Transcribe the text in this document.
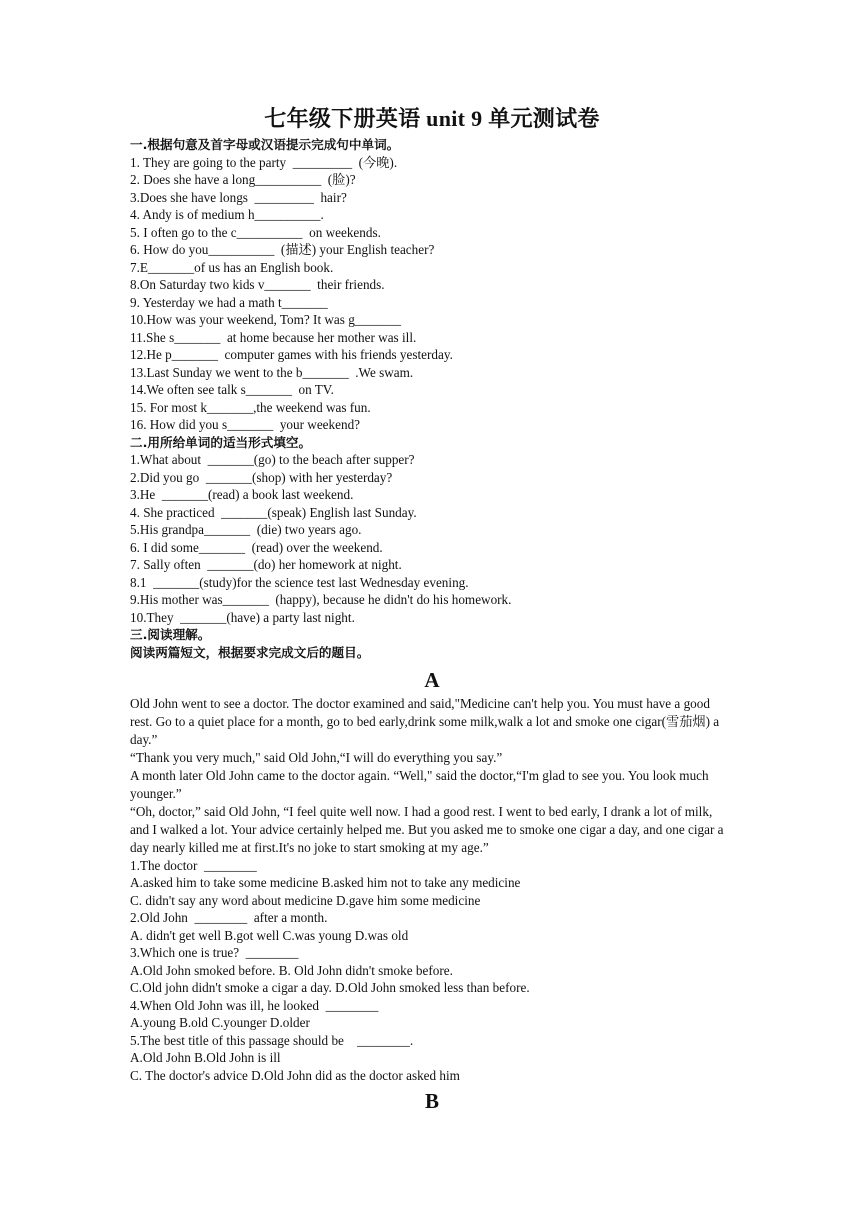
七年级下册英语 unit 9 单元测试卷
一.根据句意及首字母或汉语提示完成句中单词。
1. They are going to the party  _________  (今晚).
2. Does she have a long__________  (脸)?
3.Does she have longs  _________  hair?
4. Andy is of medium h__________.
5. I often go to the c__________  on weekends.
6. How do you__________  (描述) your English teacher?
7.E_______of us has an English book.
8.On Saturday two kids v_______  their friends.
9. Yesterday we had a math t_______
10.How was your weekend, Tom? It was g_______
11.She s_______  at home because her mother was ill.
12.He p_______  computer games with his friends yesterday.
13.Last Sunday we went to the b_______  .We swam.
14.We often see talk s_______  on TV.
15. For most k_______,the weekend was fun.
16. How did you s_______  your weekend?
二.用所给单词的适当形式填空。
1.What about  _______(go) to the beach after supper?
2.Did you go  _______(shop) with her yesterday?
3.He  _______(read) a book last weekend.
4. She practiced  _______(speak) English last Sunday.
5.His grandpa_______  (die) two years ago.
6. I did some_______  (read) over the weekend.
7. Sally often  _______(do) her homework at night.
8.1  _______(study)for the science test last Wednesday evening.
9.His mother was_______  (happy), because he didn't do his homework.
10.They  _______(have) a party last night.
三.阅读理解。
阅读两篇短文，根据要求完成文后的题目。
A
Old John went to see a doctor. The doctor examined and said,"Medicine can't help you. You must have a good rest. Go to a quiet place for a month, go to bed early,drink some milk,walk a lot and smoke one cigar(雪茄烟) a day.”
“Thank you very much," said Old John,“I will do everything you say.”
A month later Old John came to the doctor again. “Well," said the doctor,“I'm glad to see you. You look much younger.”
“Oh, doctor,” said Old John, “I feel quite well now. I had a good rest. I went to bed early, I drank a lot of milk, and I walked a lot. Your advice certainly helped me. But you asked me to smoke one cigar a day, and one cigar a day nearly killed me at first.It's no joke to start smoking at my age.”
1.The doctor  ________
A.asked him to take some medicine B.asked him not to take any medicine
C. didn't say any word about medicine D.gave him some medicine
2.Old John  ________  after a month.
A. didn't get well B.got well C.was young D.was old
3.Which one is true?  ________
A.Old John smoked before. B. Old John didn't smoke before.
C.Old john didn't smoke a cigar a day. D.Old John smoked less than before.
4.When Old John was ill, he looked  ________
A.young B.old C.younger D.older
5.The best title of this passage should be    ________.
A.Old John B.Old John is ill
C. The doctor's advice D.Old John did as the doctor asked him
B
